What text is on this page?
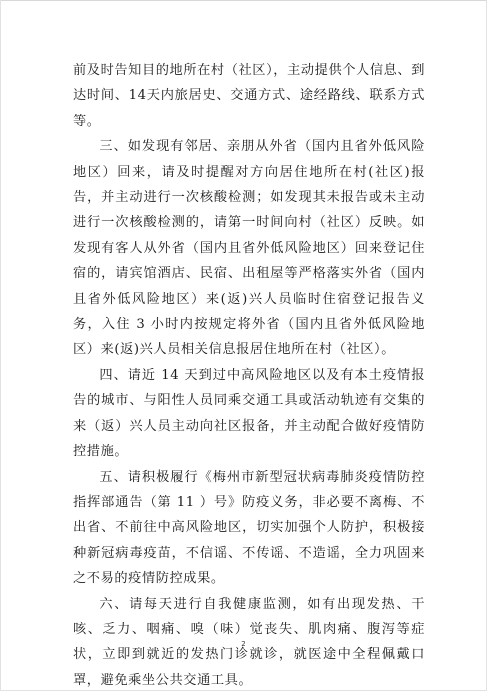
前及时告知目的地所在村（社区），主动提供个人信息、到达时间、14天内旅居史、交通方式、途经路线、联系方式等。

三、如发现有邻居、亲朋从外省（国内且省外低风险地区）回来，请及时提醒对方向居住地所在村(社区)报告，并主动进行一次核酸检测；如发现其未报告或未主动进行一次核酸检测的，请第一时间向村（社区）反映。如发现有客人从外省（国内且省外低风险地区）回来登记住宿的，请宾馆酒店、民宿、出租屋等严格落实外省（国内且省外低风险地区）来(返)兴人员临时住宿登记报告义务，入住 3 小时内按规定将外省（国内且省外低风险地区）来(返)兴人员相关信息报居住地所在村（社区）。

四、请近 14 天到过中高风险地区以及有本土疫情报告的城市、与阳性人员同乘交通工具或活动轨迹有交集的来（返）兴人员主动向社区报备，并主动配合做好疫情防控措施。

五、请积极履行《梅州市新型冠状病毒肺炎疫情防控指挥部通告（第 11 ）号》防疫义务，非必要不离梅、不出省、不前往中高风险地区，切实加强个人防护，积极接种新冠病毒疫苗，不信谣、不传谣、不造谣，全力巩固来之不易的疫情防控成果。

六、请每天进行自我健康监测，如有出现发热、干咳、乏力、咽痛、嗅（味）觉丧失、肌肉痛、腹泻等症状，立即到就近的发热门诊就诊，就医途中全程佩戴口罩，避免乘坐公共交通工具。

2
